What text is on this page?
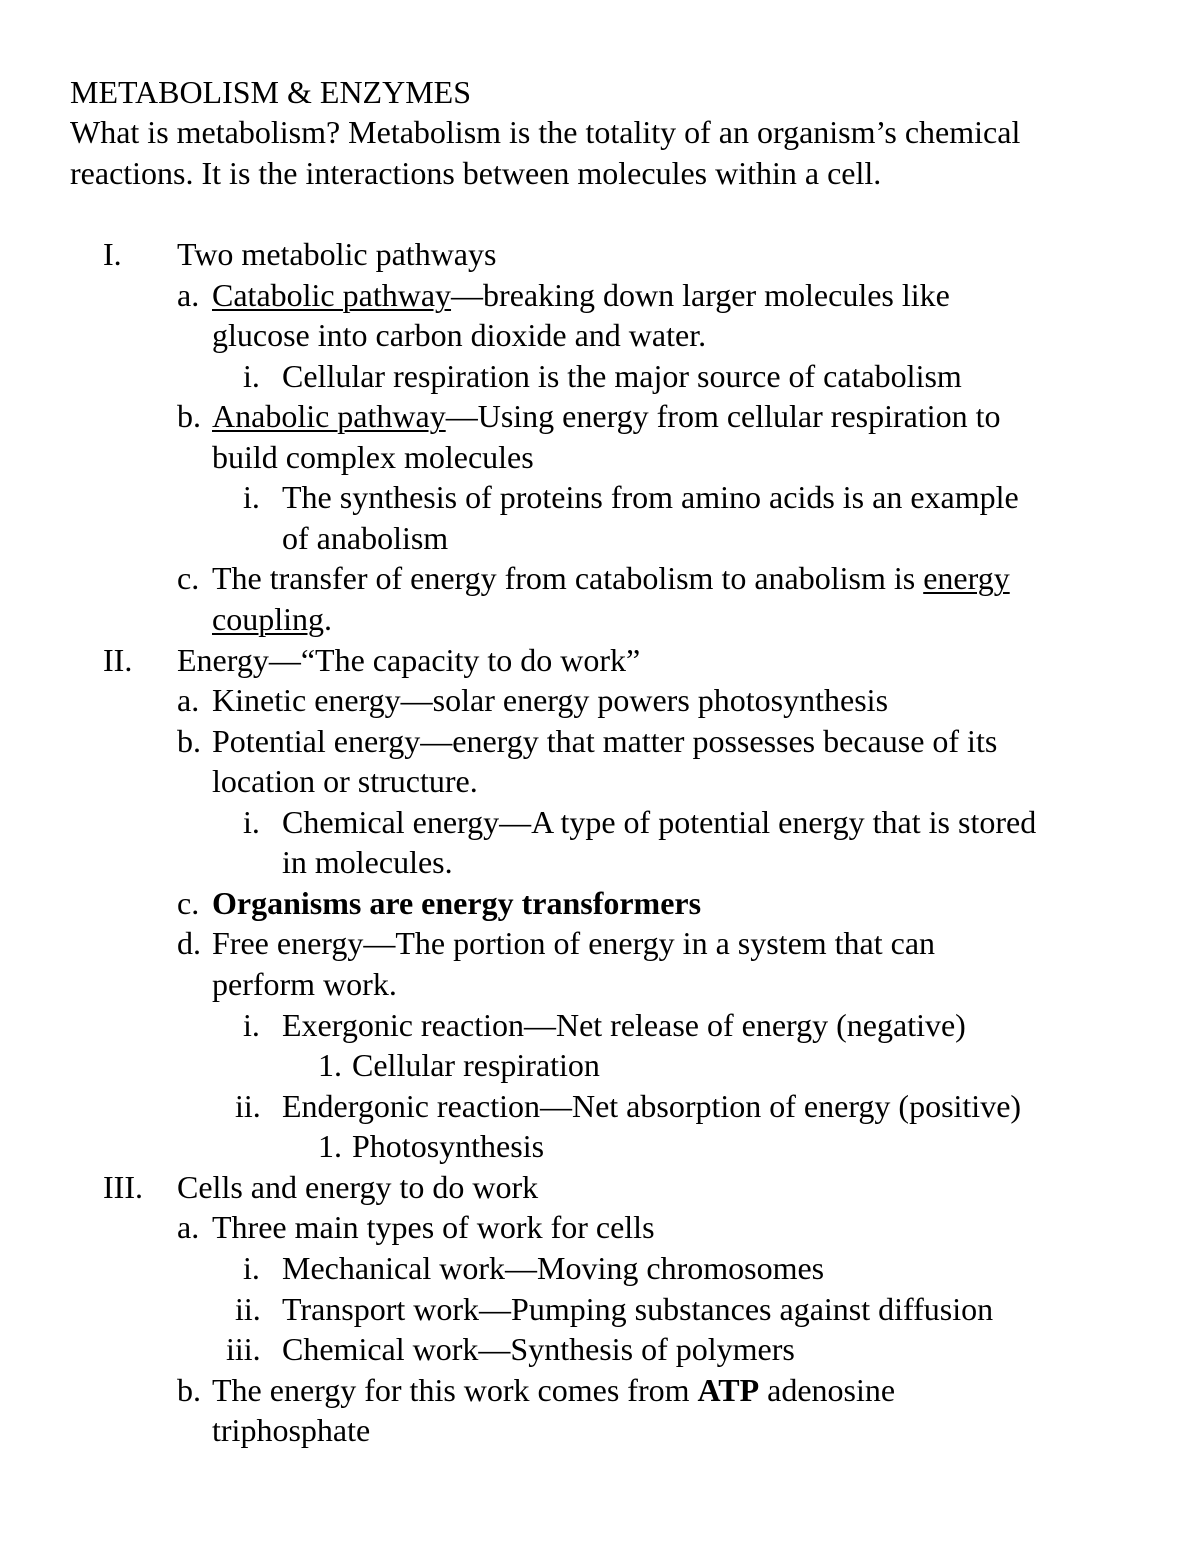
METABOLISM & ENZYMES
What is metabolism? Metabolism is the totality of an organism’s chemical
reactions. It is the interactions between molecules within a cell.
I. Two metabolic pathways
a. Catabolic pathway—breaking down larger molecules like
glucose into carbon dioxide and water.
i. Cellular respiration is the major source of catabolism
b. Anabolic pathway—Using energy from cellular respiration to
build complex molecules
i. The synthesis of proteins from amino acids is an example
of anabolism
c. The transfer of energy from catabolism to anabolism is energy
coupling.
II. Energy—“The capacity to do work”
a. Kinetic energy—solar energy powers photosynthesis
b. Potential energy—energy that matter possesses because of its
location or structure.
i. Chemical energy—A type of potential energy that is stored
in molecules.
c. Organisms are energy transformers
d. Free energy—The portion of energy in a system that can
perform work.
i. Exergonic reaction—Net release of energy (negative)
1. Cellular respiration
ii. Endergonic reaction—Net absorption of energy (positive)
1. Photosynthesis
III. Cells and energy to do work
a. Three main types of work for cells
i. Mechanical work—Moving chromosomes
ii. Transport work—Pumping substances against diffusion
iii. Chemical work—Synthesis of polymers
b. The energy for this work comes from ATP adenosine
triphosphate
